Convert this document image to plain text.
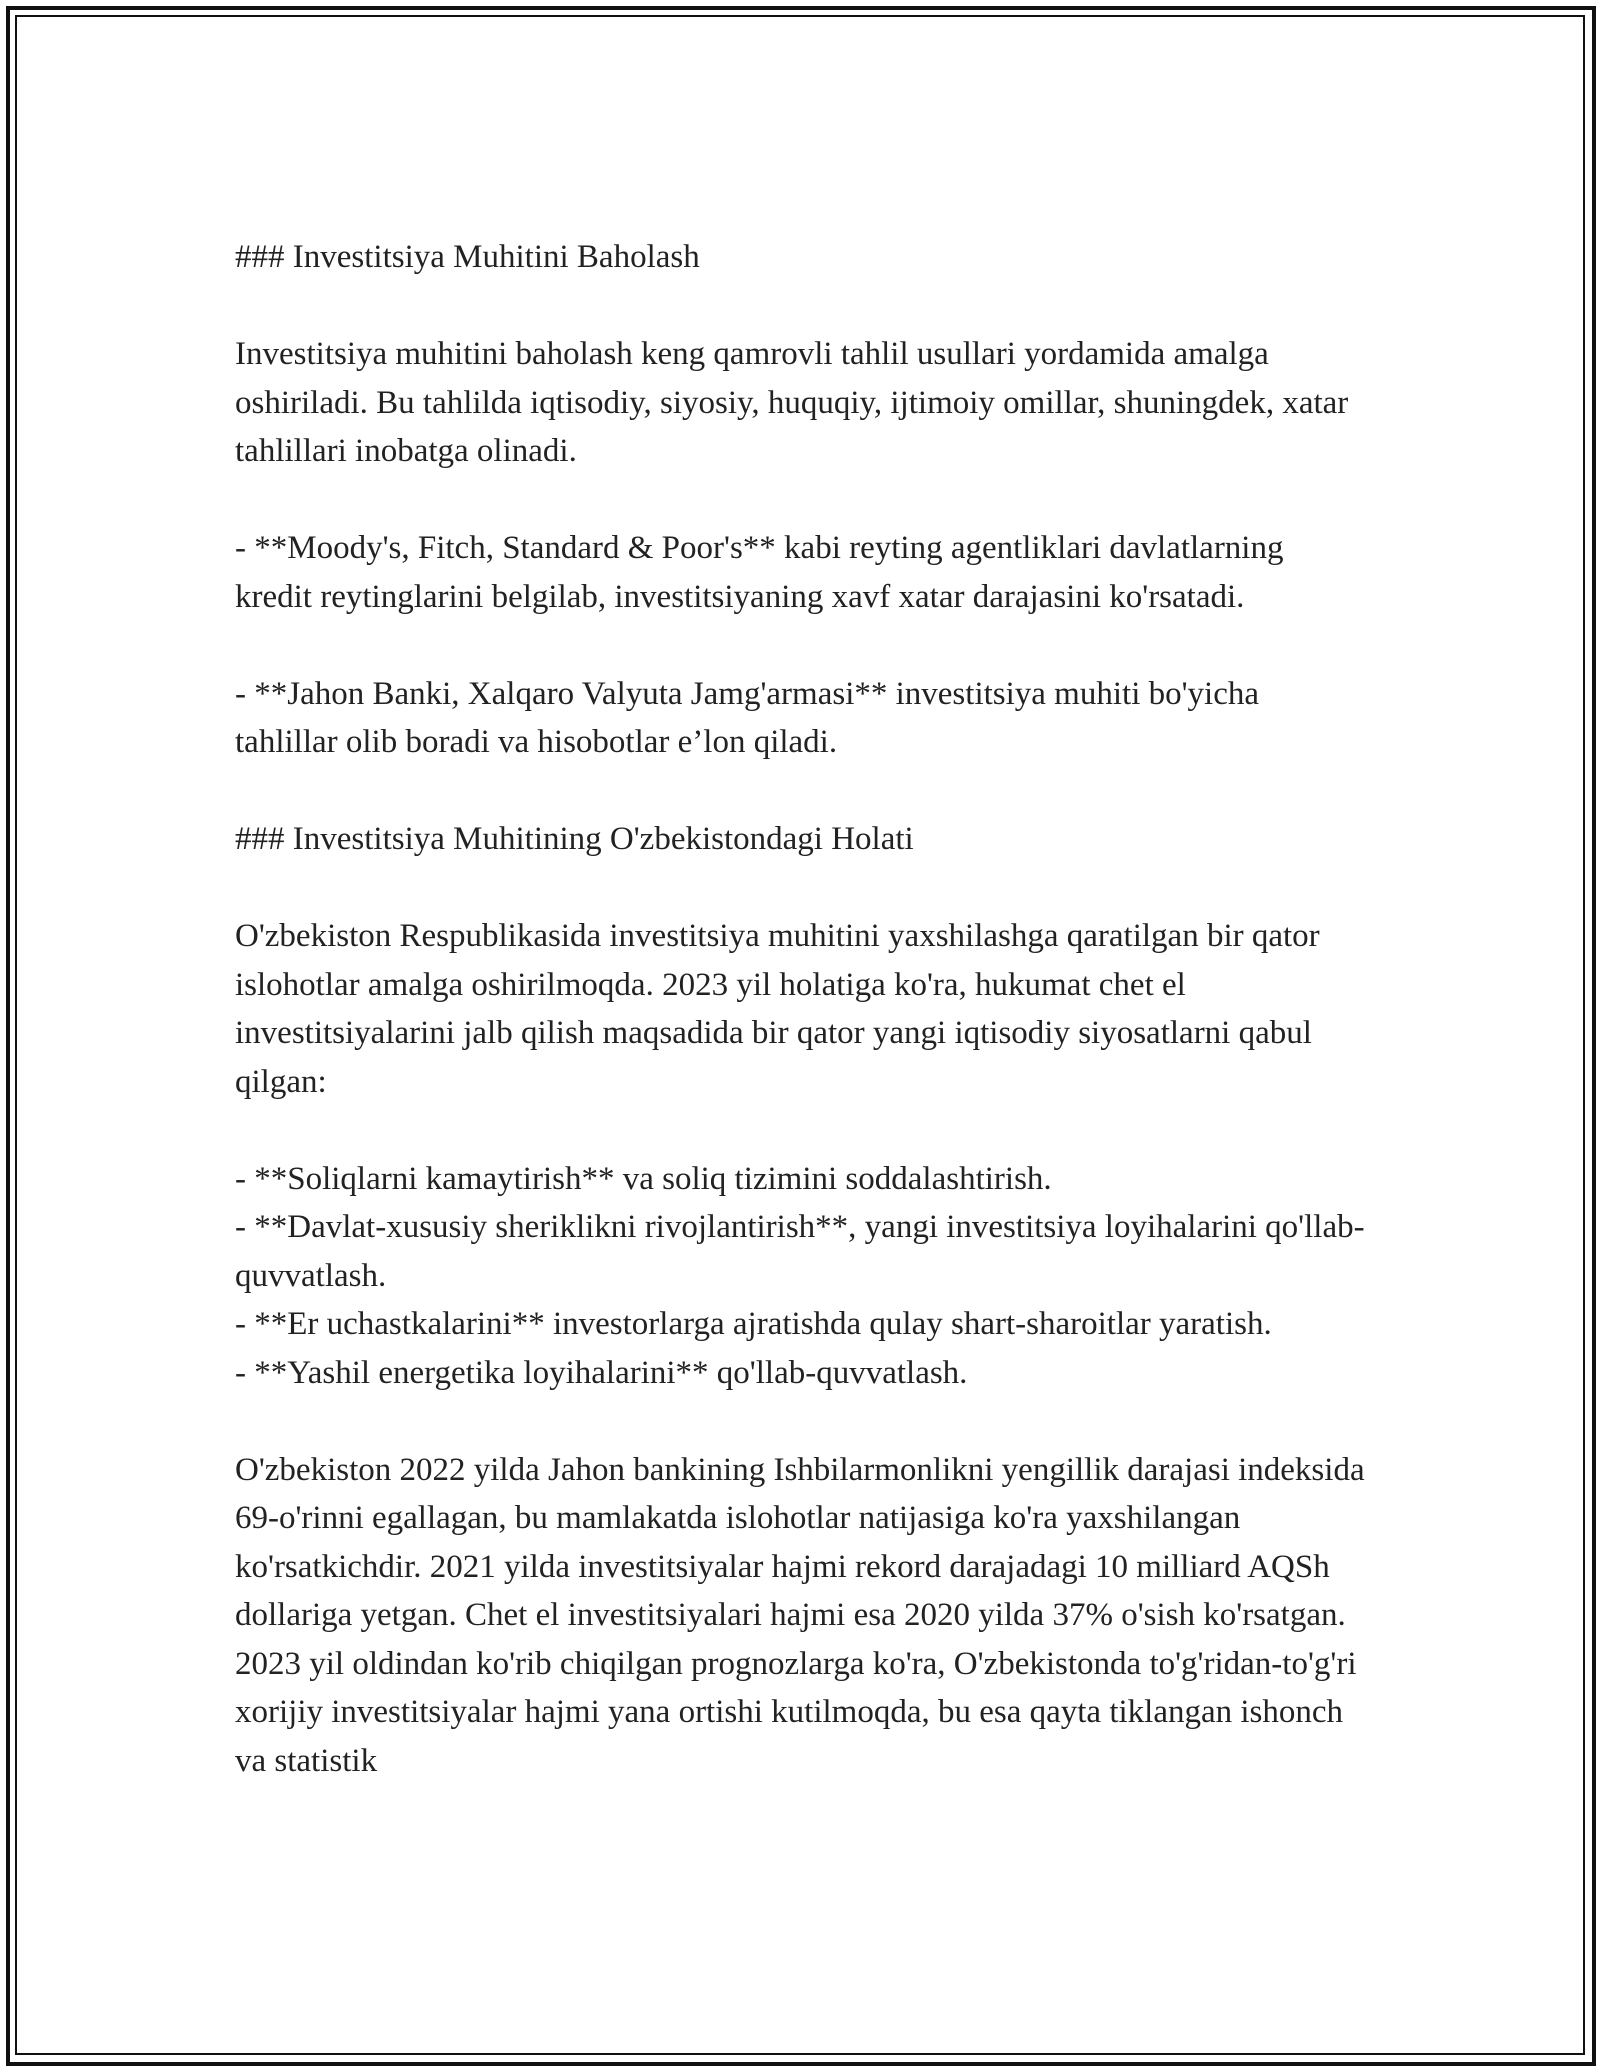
### Investitsiya Muhitini Baholash

Investitsiya muhitini baholash keng qamrovli tahlil usullari yordamida amalga oshiriladi. Bu tahlilda iqtisodiy, siyosiy, huquqiy, ijtimoiy omillar, shuningdek, xatar tahlillari inobatga olinadi.

- **Moody's, Fitch, Standard & Poor's** kabi reyting agentliklari davlatlarning kredit reytinglarini belgilab, investitsiyaning xavf xatar darajasini ko'rsatadi.

- **Jahon Banki, Xalqaro Valyuta Jamg'armasi** investitsiya muhiti bo'yicha tahlillar olib boradi va hisobotlar e’lon qiladi.

### Investitsiya Muhitining O'zbekistondagi Holati

O'zbekiston Respublikasida investitsiya muhitini yaxshilashga qaratilgan bir qator islohotlar amalga oshirilmoqda. 2023 yil holatiga ko'ra, hukumat chet el investitsiyalarini jalb qilish maqsadida bir qator yangi iqtisodiy siyosatlarni qabul qilgan:

- **Soliqlarni kamaytirish** va soliq tizimini soddalashtirish.

- **Davlat-xususiy sheriklikni rivojlantirish**, yangi investitsiya loyihalarini qo'llab-quvvatlash.

- **Er uchastkalarini** investorlarga ajratishda qulay shart-sharoitlar yaratish.

- **Yashil energetika loyihalarini** qo'llab-quvvatlash.

O'zbekiston 2022 yilda Jahon bankining Ishbilarmonlikni yengillik darajasi indeksida 69-o'rinni egallagan, bu mamlakatda islohotlar natijasiga ko'ra yaxshilangan ko'rsatkichdir. 2021 yilda investitsiyalar hajmi rekord darajadagi 10 milliard AQSh dollariga yetgan. Chet el investitsiyalari hajmi esa 2020 yilda 37% o'sish ko'rsatgan. 2023 yil oldindan ko'rib chiqilgan prognozlarga ko'ra, O'zbekistonda to'g'ridan-to'g'ri xorijiy investitsiyalar hajmi yana ortishi kutilmoqda, bu esa qayta tiklangan ishonch va statistik
